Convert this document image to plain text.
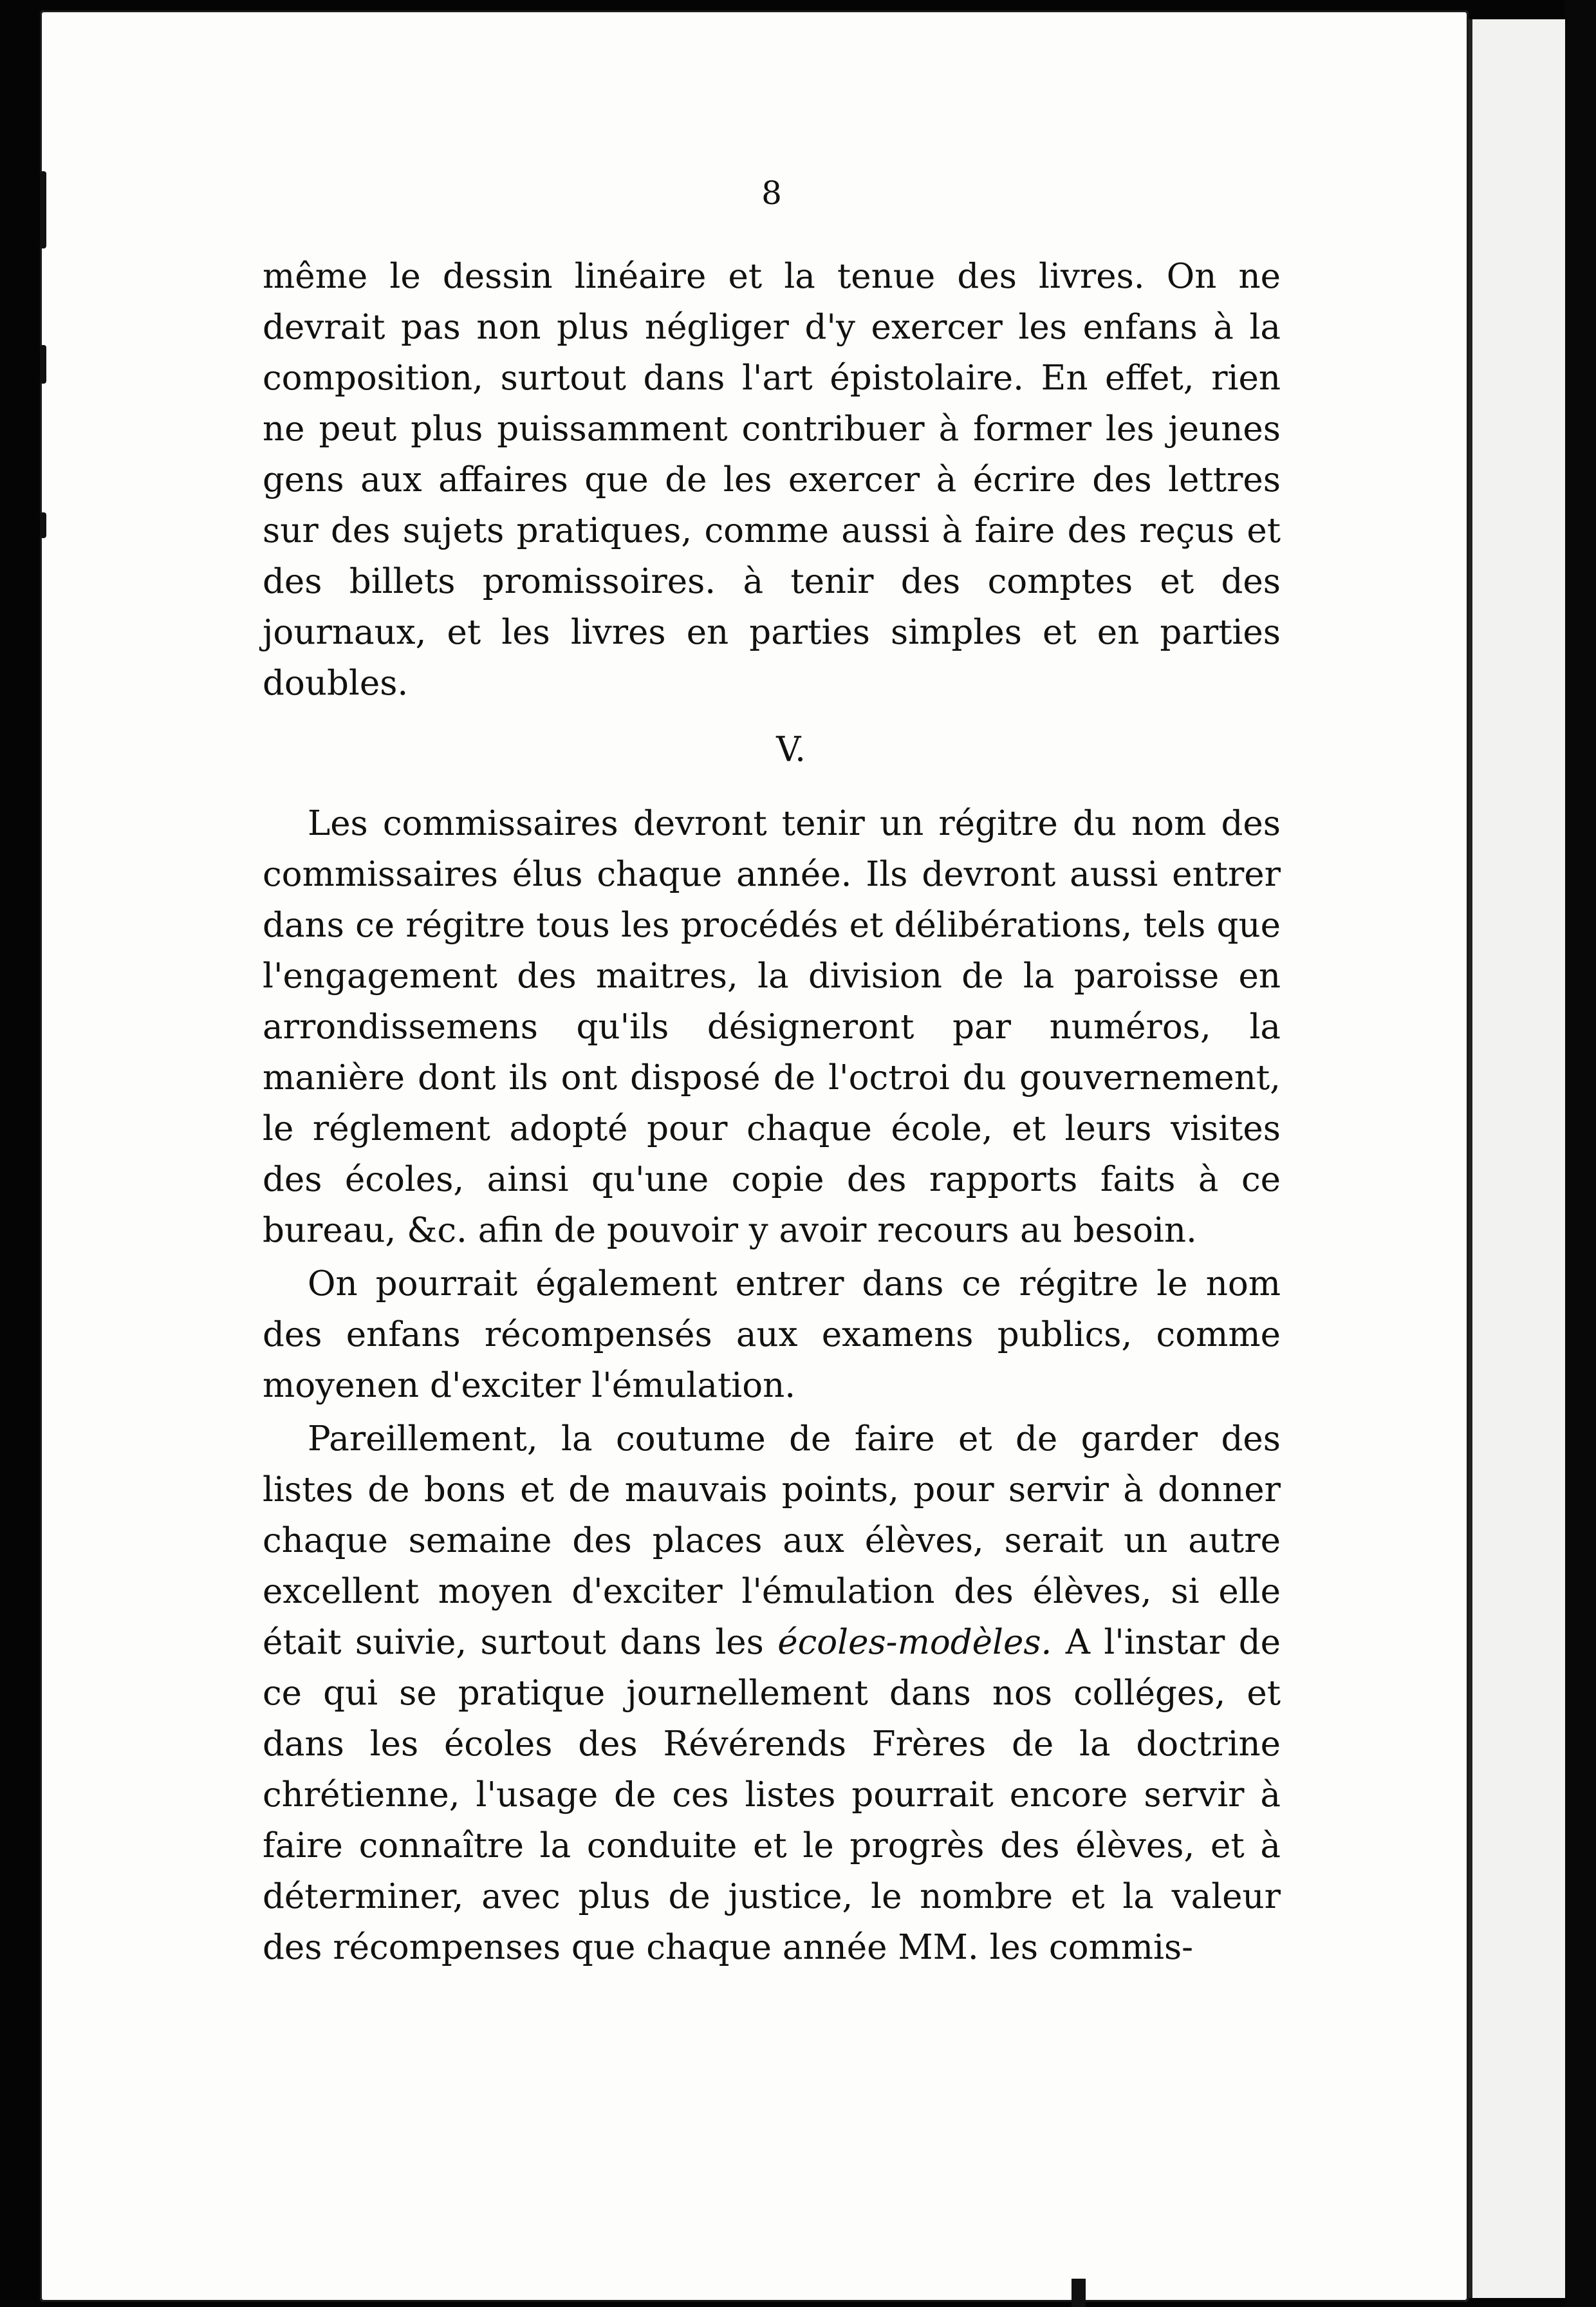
8

même le dessin linéaire et la tenue des livres. On ne devrait pas non plus négliger d'y exercer les enfans à la composition, surtout dans l'art épistolaire. En effet, rien ne peut plus puissamment contribuer à former les jeunes gens aux affaires que de les exercer à écrire des lettres sur des sujets pratiques, comme aussi à faire des reçus et des billets promissoires. à tenir des comptes et des journaux, et les livres en parties simples et en parties doubles.

V.

Les commissaires devront tenir un régitre du nom des commissaires élus chaque année. Ils devront aussi entrer dans ce régitre tous les procédés et délibérations, tels que l'engagement des maitres, la division de la paroisse en arrondissemens qu'ils désigneront par numéros, la manière dont ils ont disposé de l'octroi du gouvernement, le réglement adopté pour chaque école, et leurs visites des écoles, ainsi qu'une copie des rapports faits à ce bureau, &c. afin de pouvoir y avoir recours au besoin.

On pourrait également entrer dans ce régitre le nom des enfans récompensés aux examens publics, comme moyenen d'exciter l'émulation.

Pareillement, la coutume de faire et de garder des listes de bons et de mauvais points, pour servir à donner chaque semaine des places aux élèves, serait un autre excellent moyen d'exciter l'émulation des élèves, si elle était suivie, surtout dans les écoles-modèles. A l'instar de ce qui se pratique journellement dans nos colléges, et dans les écoles des Révérends Frères de la doctrine chrétienne, l'usage de ces listes pourrait encore servir à faire connaître la conduite et le progrès des élèves, et à déterminer, avec plus de justice, le nombre et la valeur des récompenses que chaque année MM. les commis-
